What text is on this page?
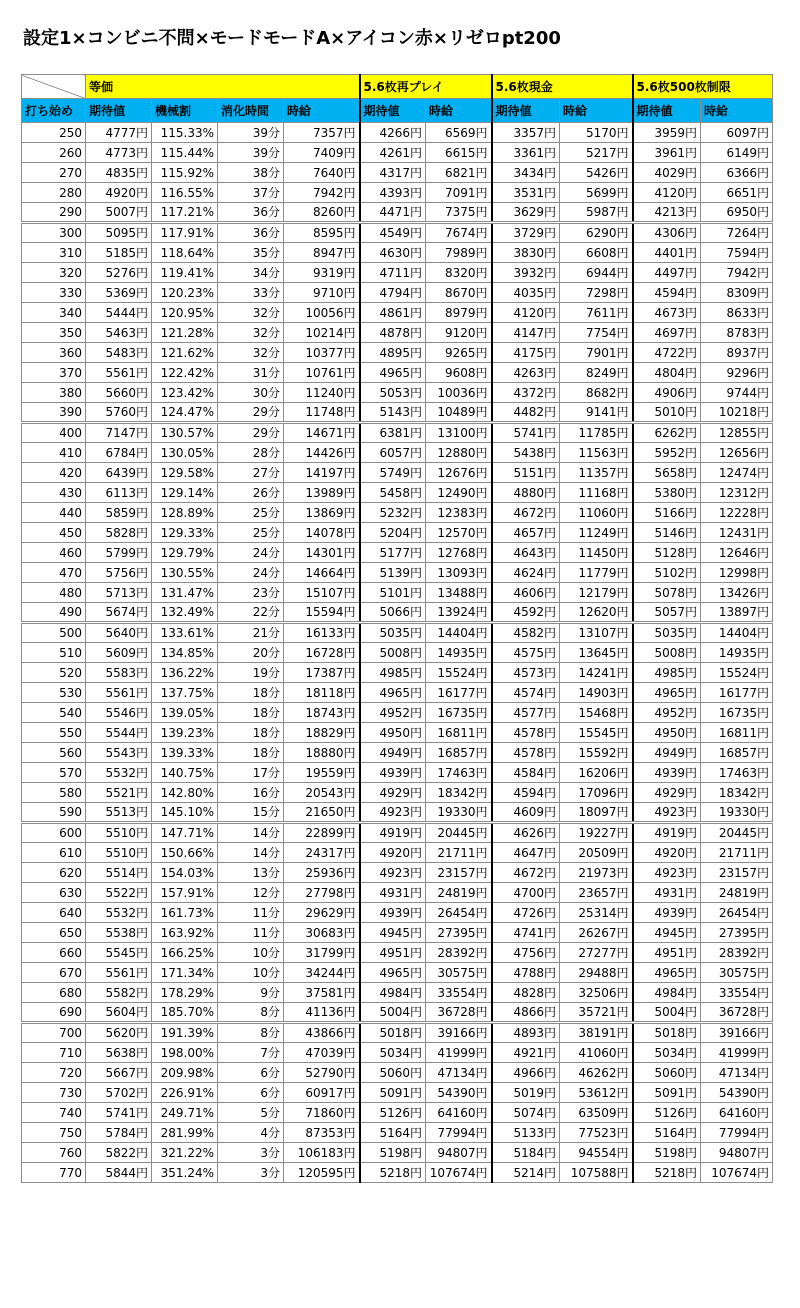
設定1×コンビニ不問×モードモードA×アイコン赤×リゼロpt200
	等価				5.6枚再プレイ		5.6枚現金		5.6枚500枚制限	
打ち始め	期待値	機械割	消化時間	時給	期待値	時給	期待値	時給	期待値	時給
250	4777円	115.33%	39分	7357円	4266円	6569円	3357円	5170円	3959円	6097円
260	4773円	115.44%	39分	7409円	4261円	6615円	3361円	5217円	3961円	6149円
270	4835円	115.92%	38分	7640円	4317円	6821円	3434円	5426円	4029円	6366円
280	4920円	116.55%	37分	7942円	4393円	7091円	3531円	5699円	4120円	6651円
290	5007円	117.21%	36分	8260円	4471円	7375円	3629円	5987円	4213円	6950円
300	5095円	117.91%	36分	8595円	4549円	7674円	3729円	6290円	4306円	7264円
310	5185円	118.64%	35分	8947円	4630円	7989円	3830円	6608円	4401円	7594円
320	5276円	119.41%	34分	9319円	4711円	8320円	3932円	6944円	4497円	7942円
330	5369円	120.23%	33分	9710円	4794円	8670円	4035円	7298円	4594円	8309円
340	5444円	120.95%	32分	10056円	4861円	8979円	4120円	7611円	4673円	8633円
350	5463円	121.28%	32分	10214円	4878円	9120円	4147円	7754円	4697円	8783円
360	5483円	121.62%	32分	10377円	4895円	9265円	4175円	7901円	4722円	8937円
370	5561円	122.42%	31分	10761円	4965円	9608円	4263円	8249円	4804円	9296円
380	5660円	123.42%	30分	11240円	5053円	10036円	4372円	8682円	4906円	9744円
390	5760円	124.47%	29分	11748円	5143円	10489円	4482円	9141円	5010円	10218円
400	7147円	130.57%	29分	14671円	6381円	13100円	5741円	11785円	6262円	12855円
410	6784円	130.05%	28分	14426円	6057円	12880円	5438円	11563円	5952円	12656円
420	6439円	129.58%	27分	14197円	5749円	12676円	5151円	11357円	5658円	12474円
430	6113円	129.14%	26分	13989円	5458円	12490円	4880円	11168円	5380円	12312円
440	5859円	128.89%	25分	13869円	5232円	12383円	4672円	11060円	5166円	12228円
450	5828円	129.33%	25分	14078円	5204円	12570円	4657円	11249円	5146円	12431円
460	5799円	129.79%	24分	14301円	5177円	12768円	4643円	11450円	5128円	12646円
470	5756円	130.55%	24分	14664円	5139円	13093円	4624円	11779円	5102円	12998円
480	5713円	131.47%	23分	15107円	5101円	13488円	4606円	12179円	5078円	13426円
490	5674円	132.49%	22分	15594円	5066円	13924円	4592円	12620円	5057円	13897円
500	5640円	133.61%	21分	16133円	5035円	14404円	4582円	13107円	5035円	14404円
510	5609円	134.85%	20分	16728円	5008円	14935円	4575円	13645円	5008円	14935円
520	5583円	136.22%	19分	17387円	4985円	15524円	4573円	14241円	4985円	15524円
530	5561円	137.75%	18分	18118円	4965円	16177円	4574円	14903円	4965円	16177円
540	5546円	139.05%	18分	18743円	4952円	16735円	4577円	15468円	4952円	16735円
550	5544円	139.23%	18分	18829円	4950円	16811円	4578円	15545円	4950円	16811円
560	5543円	139.33%	18分	18880円	4949円	16857円	4578円	15592円	4949円	16857円
570	5532円	140.75%	17分	19559円	4939円	17463円	4584円	16206円	4939円	17463円
580	5521円	142.80%	16分	20543円	4929円	18342円	4594円	17096円	4929円	18342円
590	5513円	145.10%	15分	21650円	4923円	19330円	4609円	18097円	4923円	19330円
600	5510円	147.71%	14分	22899円	4919円	20445円	4626円	19227円	4919円	20445円
610	5510円	150.66%	14分	24317円	4920円	21711円	4647円	20509円	4920円	21711円
620	5514円	154.03%	13分	25936円	4923円	23157円	4672円	21973円	4923円	23157円
630	5522円	157.91%	12分	27798円	4931円	24819円	4700円	23657円	4931円	24819円
640	5532円	161.73%	11分	29629円	4939円	26454円	4726円	25314円	4939円	26454円
650	5538円	163.92%	11分	30683円	4945円	27395円	4741円	26267円	4945円	27395円
660	5545円	166.25%	10分	31799円	4951円	28392円	4756円	27277円	4951円	28392円
670	5561円	171.34%	10分	34244円	4965円	30575円	4788円	29488円	4965円	30575円
680	5582円	178.29%	9分	37581円	4984円	33554円	4828円	32506円	4984円	33554円
690	5604円	185.70%	8分	41136円	5004円	36728円	4866円	35721円	5004円	36728円
700	5620円	191.39%	8分	43866円	5018円	39166円	4893円	38191円	5018円	39166円
710	5638円	198.00%	7分	47039円	5034円	41999円	4921円	41060円	5034円	41999円
720	5667円	209.98%	6分	52790円	5060円	47134円	4966円	46262円	5060円	47134円
730	5702円	226.91%	6分	60917円	5091円	54390円	5019円	53612円	5091円	54390円
740	5741円	249.71%	5分	71860円	5126円	64160円	5074円	63509円	5126円	64160円
750	5784円	281.99%	4分	87353円	5164円	77994円	5133円	77523円	5164円	77994円
760	5822円	321.22%	3分	106183円	5198円	94807円	5184円	94554円	5198円	94807円
770	5844円	351.24%	3分	120595円	5218円	107674円	5214円	107588円	5218円	107674円
